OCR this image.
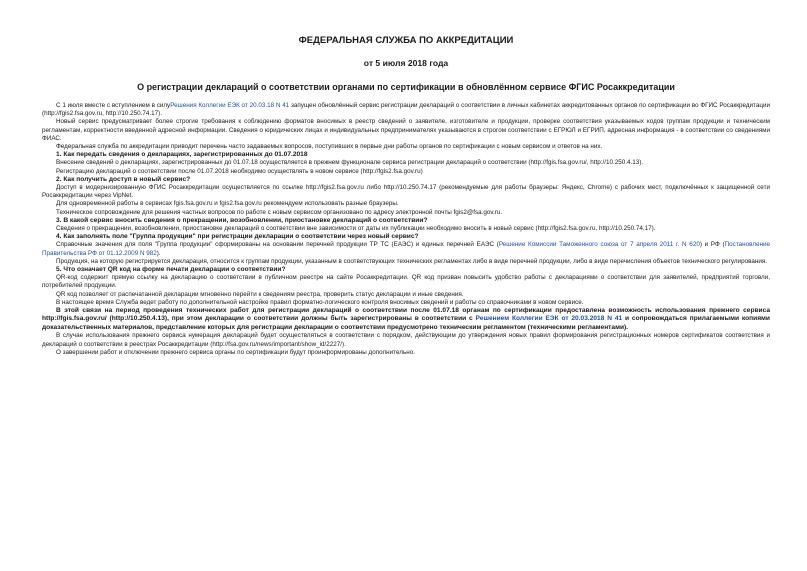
ФЕДЕРАЛЬНАЯ СЛУЖБА ПО АККРЕДИТАЦИИ
от 5 июля 2018 года
О регистрации деклараций о соответствии органами по сертификации в обновлённом сервисе ФГИС Росаккредитации

С 1 июля вместе с вступлением в силуРешения Коллегии ЕЭК от 20.03.18 N 41 запущен обновлённый сервис регистрации деклараций о соответствии в личных кабинетах аккредитованных органов по сертификации во ФГИС Росаккредитации (http://fgis2.fsa.gov.ru, http://10.250.74.17).

Новый сервис предусматривает более строгие требования к соблюдению форматов вносимых в реестр сведений о заявителе, изготовителе и продукции, проверке соответствия указываемых кодов группам продукции и техническим регламентам, корректности введенной адресной информации. Сведения о юридических лицах и индивидуальных предпринимателях указываются в строгом соответствии с ЕГРЮЛ и ЕГРИП, адресная информация - в соответствии со сведениями ФИАС.

Федеральная служба по аккредитации приводит перечень часто задаваемых вопросов, поступивших в первые дни работы органов по сертификации с новым сервисом и ответов на них.

1. Как передать сведения о декларациях, зарегистрированных до 01.07.2018

Внесение сведений о декларациях, зарегистрированных до 01.07.18 осуществляется в прежнем функционале сервиса регистрации деклараций о соответствии (http://fgis.fsa.gov.ru/, http://10.250.4.13).

Регистрацию деклараций о соответствии после 01.07.2018 необходимо осуществлять в новом сервисе (http://fgis2.fsa.gov.ru)

2. Как получить доступ в новый сервис?

Доступ в модернизированную ФГИС Росаккредитации осуществляется по ссылке http://fgis2.fsa.gov.ru либо http://10.250.74.17 (рекомендуемые для работы браузеры: Яндекс, Chrome) с рабочих мест, подключённых к защищенной сети Росаккредитации через VipNet.

Для одновременной работы в сервисах fgis.fsa.gov.ru и fgis2.fsa.gov.ru рекомендуем использовать разные браузеры.

Техническое сопровождение для решения частных вопросов по работе с новым сервисом организовано по адресу электронной почты fgis2@fsa.gov.ru.

3. В какой сервис вносить сведения о прекращении, возобновлении, приостановке деклараций о соответствии?

Сведения о прекращении, возобновлении, приостановке деклараций о соответствии вне зависимости от даты их публикации необходимо вносить в новый сервис (http://fgis2.fsa.gov.ru, http://10.250.74.17).

4. Как заполнять поле "Группа продукции" при регистрации декларации о соответствии через новый сервис?

Справочные значения для поля "Группа продукции" сформированы на основании перечней продукции ТР ТС (ЕАЭС) и единых перечней ЕАЭС (Решение Комиссии Таможенного союза от 7 апреля 2011 г. N 620) и РФ (Постановление Правительства РФ от 01.12.2009 N 982).

Продукция, на которую регистрируется декларация, относится к группам продукции, указанным в соответствующих технических регламентах либо в виде перечней продукции, либо в виде перечисления объектов технического регулирования.

5. Что означает QR код на форме печати декларации о соответствии?

QR-код содержит прямую ссылку на декларацию о соответствии в публичном реестре на сайте Росаккредитации. QR код призван повысить удобство работы с декларациями о соответствии для заявителей, предприятий торговли, потребителей продукции.

QR код позволяет от распечатанной декларации мгновенно перейти к сведениям реестра, проверить статус декларации и иные сведения.

В настоящее время Служба ведет работу по дополнительной настройке правил форматно-логического контроля вносимых сведений и работы со справочниками в новом сервисе.

В этой связи на период проведения технических работ для регистрации деклараций о соответствии после 01.07.18 органам по сертификации предоставлена возможность использования прежнего сервиса http://fgis.fsa.gov.ru/ (http://10.250.4.13), при этом декларации о соответствии должны быть зарегистрированы в соответствии с Решением Коллегии ЕЭК от 20.03.2018 N 41 и сопровождаться прилагаемыми копиями доказательственных материалов, представление которых для регистрации декларации о соответствии предусмотрено техническим регламентом (техническими регламентами).

В случае использования прежнего сервиса нумерация деклараций будет осуществляться в соответствии с порядком, действующим до утверждения новых правил формирования регистрационных номеров сертификатов соответствия и деклараций о соответствии в реестрах Росаккредитации (http://fsa.gov.ru/news/important/show_id/2227/).

О завершении работ и отключении прежнего сервиса органы по сертификации будут проинформированы дополнительно.
